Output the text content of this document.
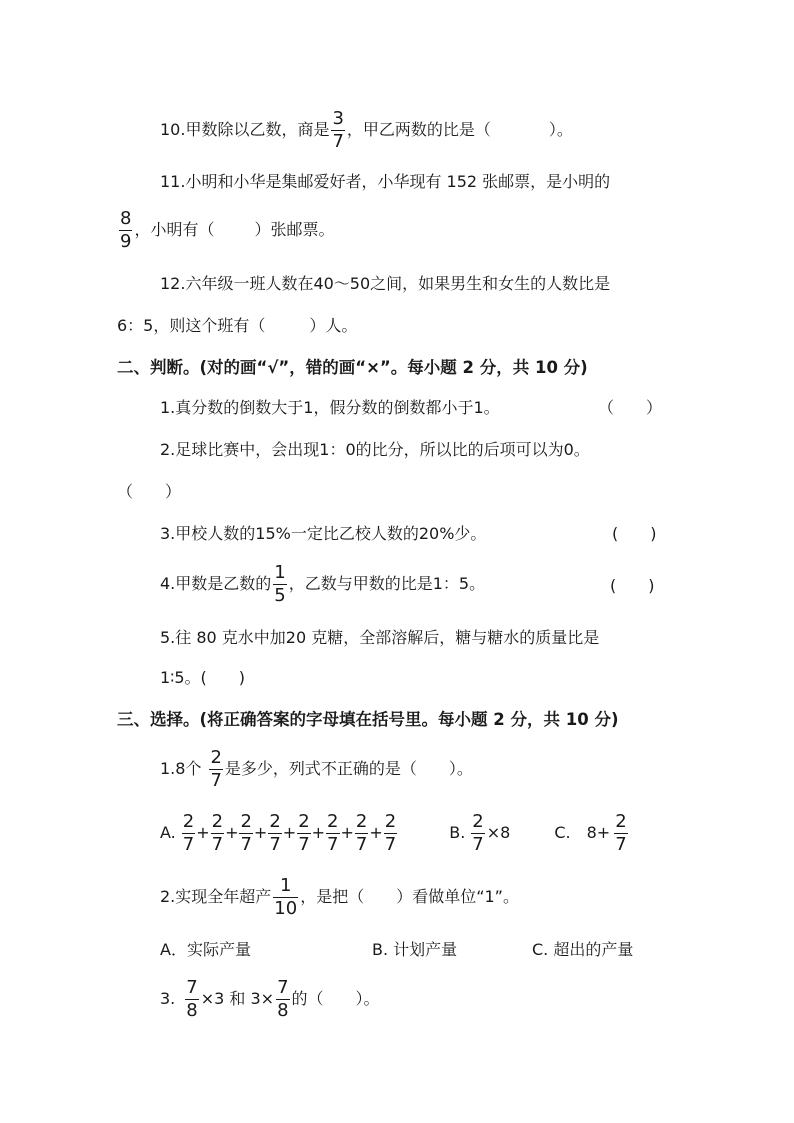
10.甲数除以乙数，商是
3
7
，甲乙两数的比是（	）。
11.小明和小华是集邮爱好者，小华现有 152 张邮票，是小明的
8
9
，小明有（	）张邮票。
12.六年级一班人数在40～50之间，如果男生和女生的人数比是
6：5，则这个班有（	）人。
二、判断。(对的画“√”，错的画“×”。每小题 2 分，共 10 分)
1.真分数的倒数大于1，假分数的倒数都小于1。	（　　）
2.足球比赛中，会出现1：0的比分，所以比的后项可以为0。
（　　）
3.甲校人数的15%一定比乙校人数的20%少。	(　　)
4.甲数是乙数的
1
5
，乙数与甲数的比是1：5。	(　　)
5.往 80 克水中加20 克糖，全部溶解后，糖与糖水的质量比是
1∶5。(　　)
三、选择。(将正确答案的字母填在括号里。每小题 2 分，共 10 分)
1.8个
2
7
是多少，列式不正确的是（　　）。
A.
2
7
+ $\frac{2}{7} + \frac{2}{7} + \frac{2}{7} + \frac{2}{7} + \frac{2}{7} + \frac{2}{7} + \frac{2}{7}$	B. $\frac{2}{7} \times 8$	C. $8+ \frac{2}{7}$
2.实现全年超产
1
10
，是把（　　）看做单位“1”。
A．实际产量	B. 计划产量	C. 超出的产量
3. $\frac{7}{8} \times 3$ 和 $3\times \frac{7}{8}$ 的（　　）。
